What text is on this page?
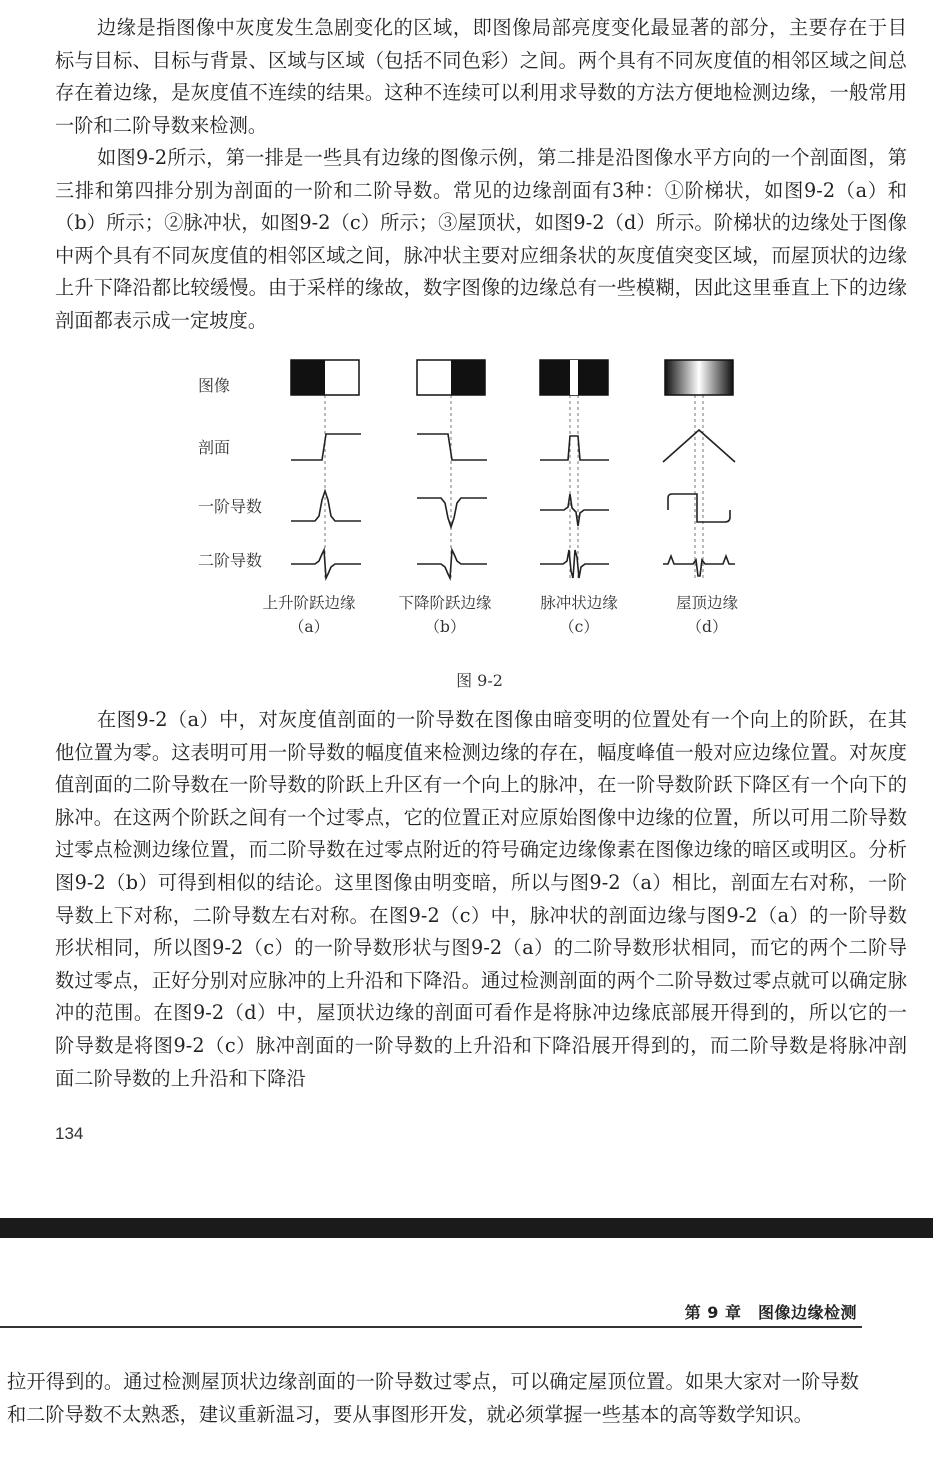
边缘是指图像中灰度发生急剧变化的区域，即图像局部亮度变化最显著的部分，主要存在于目标与目标、目标与背景、区域与区域（包括不同色彩）之间。两个具有不同灰度值的相邻区域之间总存在着边缘，是灰度值不连续的结果。这种不连续可以利用求导数的方法方便地检测边缘，一般常用一阶和二阶导数来检测。

如图9-2所示，第一排是一些具有边缘的图像示例，第二排是沿图像水平方向的一个剖面图，第三排和第四排分别为剖面的一阶和二阶导数。常见的边缘剖面有3种：①阶梯状，如图9-2（a）和（b）所示；②脉冲状，如图9-2（c）所示；③屋顶状，如图9-2（d）所示。阶梯状的边缘处于图像中两个具有不同灰度值的相邻区域之间，脉冲状主要对应细条状的灰度值突变区域，而屋顶状的边缘上升下降沿都比较缓慢。由于采样的缘故，数字图像的边缘总有一些模糊，因此这里垂直上下的边缘剖面都表示成一定坡度。

图像
剖面
一阶导数
二阶导数
上升阶跃边缘
（a）
下降阶跃边缘
（b）
脉冲状边缘
（c）
屋顶边缘
（d）
图 9-2

在图9-2（a）中，对灰度值剖面的一阶导数在图像由暗变明的位置处有一个向上的阶跃，在其他位置为零。这表明可用一阶导数的幅度值来检测边缘的存在，幅度峰值一般对应边缘位置。对灰度值剖面的二阶导数在一阶导数的阶跃上升区有一个向上的脉冲，在一阶导数阶跃下降区有一个向下的脉冲。在这两个阶跃之间有一个过零点，它的位置正对应原始图像中边缘的位置，所以可用二阶导数过零点检测边缘位置，而二阶导数在过零点附近的符号确定边缘像素在图像边缘的暗区或明区。分析图9-2（b）可得到相似的结论。这里图像由明变暗，所以与图9-2（a）相比，剖面左右对称，一阶导数上下对称，二阶导数左右对称。在图9-2（c）中，脉冲状的剖面边缘与图9-2（a）的一阶导数形状相同，所以图9-2（c）的一阶导数形状与图9-2（a）的二阶导数形状相同，而它的两个二阶导数过零点，正好分别对应脉冲的上升沿和下降沿。通过检测剖面的两个二阶导数过零点就可以确定脉冲的范围。在图9-2（d）中，屋顶状边缘的剖面可看作是将脉冲边缘底部展开得到的，所以它的一阶导数是将图9-2（c）脉冲剖面的一阶导数的上升沿和下降沿展开得到的，而二阶导数是将脉冲剖面二阶导数的上升沿和下降沿

134
第 9 章　图像边缘检测

拉开得到的。通过检测屋顶状边缘剖面的一阶导数过零点，可以确定屋顶位置。如果大家对一阶导数和二阶导数不太熟悉，建议重新温习，要从事图形开发，就必须掌握一些基本的高等数学知识。
